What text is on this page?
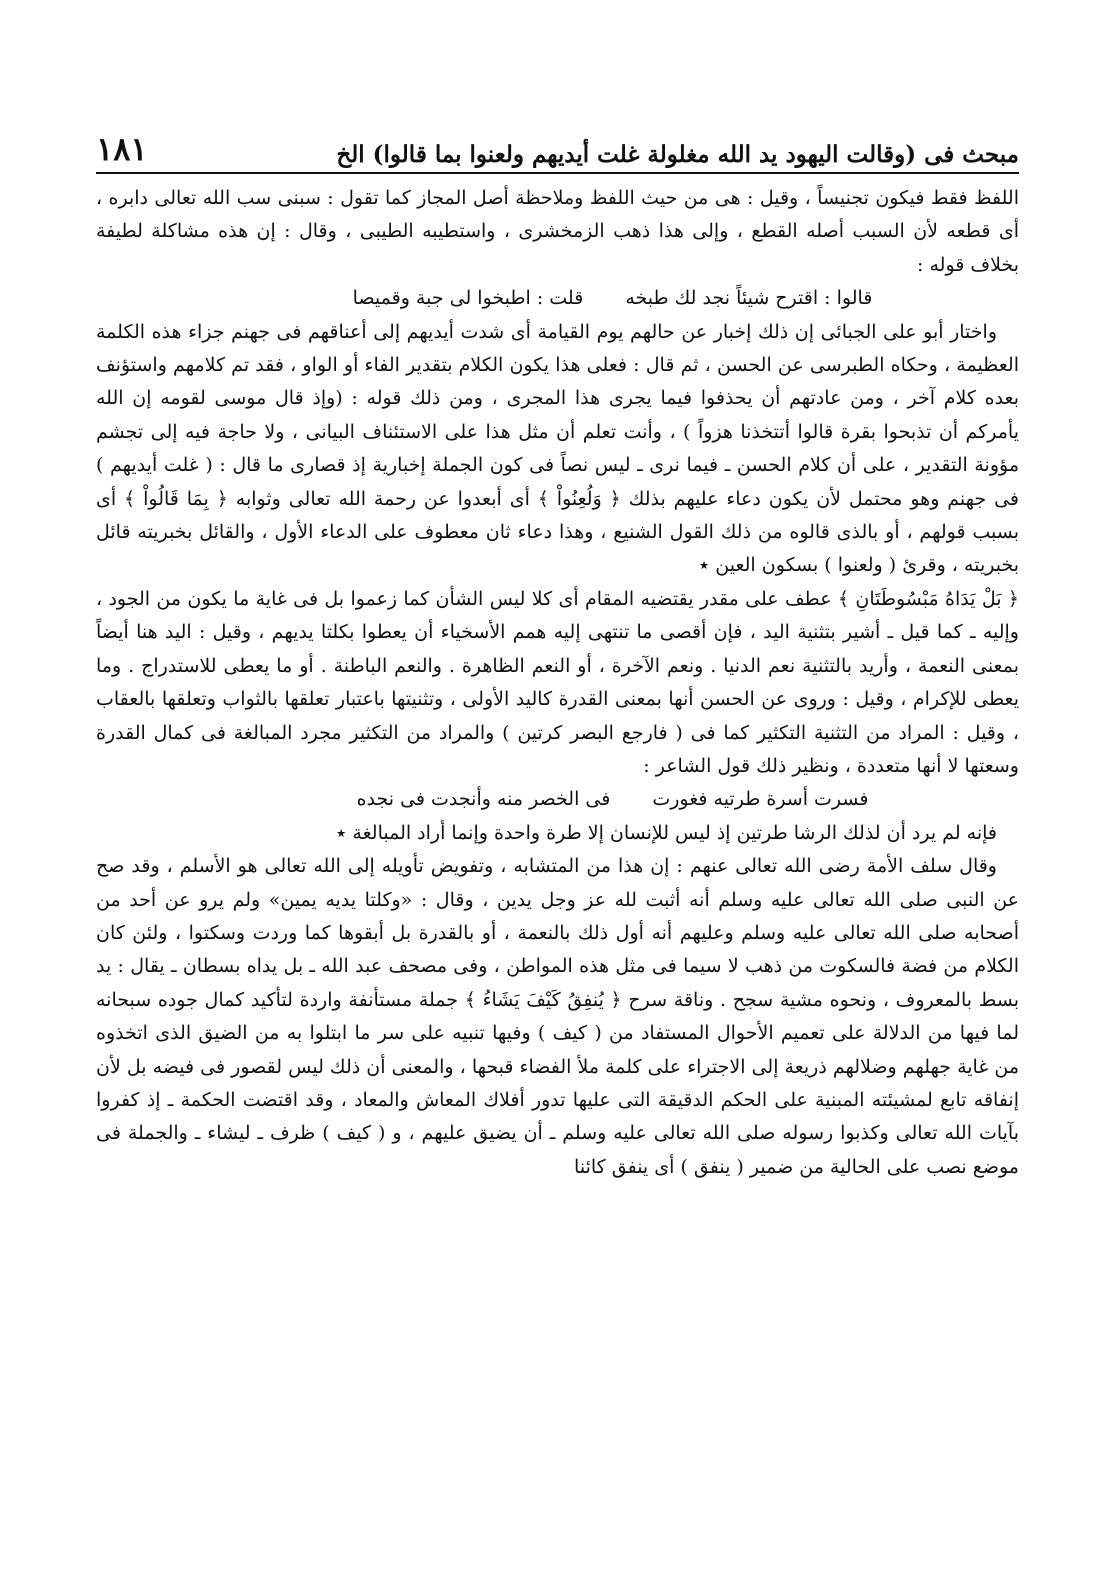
مبحث فى (وقالت اليهود يد الله مغلولة غلت أيديهم ولعنوا بما قالوا) الخ
١٨١

اللفظ فقط فيكون تجنيساً ، وقيل : هى من حيث اللفظ وملاحظة أصل المجاز كما تقول : سبنى سب الله تعالى دابره ، أى قطعه لأن السبب أصله القطع ، وإلى هذا ذهب الزمخشرى ، واستطيبه الطيبى ، وقال : إن هذه مشاكلة لطيفة بخلاف قوله :

قالوا : اقترح شيئاً نجد لك طبخه
قلت : اطبخوا لى جبة وقميصا

واختار أبو على الجبائى إن ذلك إخبار عن حالهم يوم القيامة أى شدت أيديهم إلى أعناقهم فى جهنم جزاء هذه الكلمة العظيمة ، وحكاه الطبرسى عن الحسن ، ثم قال : فعلى هذا يكون الكلام بتقدير الفاء أو الواو ، فقد تم كلامهم واستؤنف بعده كلام آخر ، ومن عادتهم أن يحذفوا فيما يجرى هذا المجرى ، ومن ذلك قوله : (وإذ قال موسى لقومه إن الله يأمركم أن تذبحوا بقرة قالوا أتتخذنا هزواً ) ، وأنت تعلم أن مثل هذا على الاستئناف البيانى ، ولا حاجة فيه إلى تجشم مؤونة التقدير ، على أن كلام الحسن ـ فيما نرى ـ ليس نصاً فى كون الجملة إخبارية إذ قصارى ما قال : ( غلت أيديهم ) فى جهنم وهو محتمل لأن يكون دعاء عليهم بذلك ﴿ وَلُعِنُواْ ﴾ أى أبعدوا عن رحمة الله تعالى وثوابه ﴿ بِمَا قَالُواْ ﴾ أى بسبب قولهم ، أو بالذى قالوه من ذلك القول الشنيع ، وهذا دعاء ثان معطوف على الدعاء الأول ، والقائل بخبريته قائل بخبريته ، وقرئ ( ولعنوا ) بسكون العين ٭

﴿ بَلْ يَدَاهُ مَبْسُوطَتَانِ ﴾ عطف على مقدر يقتضيه المقام أى كلا ليس الشأن كما زعموا بل فى غاية ما يكون من الجود ، وإليه ـ كما قيل ـ أشير بتثنية اليد ، فإن أقصى ما تنتهى إليه همم الأسخياء أن يعطوا بكلتا يديهم ، وقيل : اليد هنا أيضاً بمعنى النعمة ، وأريد بالتثنية نعم الدنيا . ونعم الآخرة ، أو النعم الظاهرة . والنعم الباطنة . أو ما يعطى للاستدراج . وما يعطى للإكرام ، وقيل : وروى عن الحسن أنها بمعنى القدرة كاليد الأولى ، وتثنيتها باعتبار تعلقها بالثواب وتعلقها بالعقاب ، وقيل : المراد من التثنية التكثير كما فى ( فارجع البصر كرتين ) والمراد من التكثير مجرد المبالغة فى كمال القدرة وسعتها لا أنها متعددة ، ونظير ذلك قول الشاعر :

فسرت أسرة طرتيه فغورت
فى الخصر منه وأنجدت فى نجده

فإنه لم يرد أن لذلك الرشا طرتين إذ ليس للإنسان إلا طرة واحدة وإنما أراد المبالغة ٭

وقال سلف الأمة رضى الله تعالى عنهم : إن هذا من المتشابه ، وتفويض تأويله إلى الله تعالى هو الأسلم ، وقد صح عن النبى صلى الله تعالى عليه وسلم أنه أثبت لله عز وجل يدين ، وقال : «وكلتا يديه يمين» ولم يرو عن أحد من أصحابه صلى الله تعالى عليه وسلم وعليهم أنه أول ذلك بالنعمة ، أو بالقدرة بل أبقوها كما وردت وسكتوا ، ولئن كان الكلام من فضة فالسكوت من ذهب لا سيما فى مثل هذه المواطن ، وفى مصحف عبد الله ـ بل يداه بسطان ـ يقال : يد بسط بالمعروف ، ونحوه مشية سجح . وناقة سرح ﴿ يُنفِقُ كَيْفَ يَشَاءُ ﴾ جملة مستأنفة واردة لتأكيد كمال جوده سبحانه لما فيها من الدلالة على تعميم الأحوال المستفاد من ( كيف ) وفيها تنبيه على سر ما ابتلوا به من الضيق الذى اتخذوه من غاية جهلهم وضلالهم ذريعة إلى الاجتراء على كلمة ملأ الفضاء قبحها ، والمعنى أن ذلك ليس لقصور فى فيضه بل لأن إنفاقه تابع لمشيئته المبنية على الحكم الدقيقة التى عليها تدور أفلاك المعاش والمعاد ، وقد اقتضت الحكمة ـ إذ كفروا بآيات الله تعالى وكذبوا رسوله صلى الله تعالى عليه وسلم ـ أن يضيق عليهم ، و ( كيف ) ظرف ـ ليشاء ـ والجملة فى موضع نصب على الحالية من ضمير ( ينفق ) أى ينفق كائنا
